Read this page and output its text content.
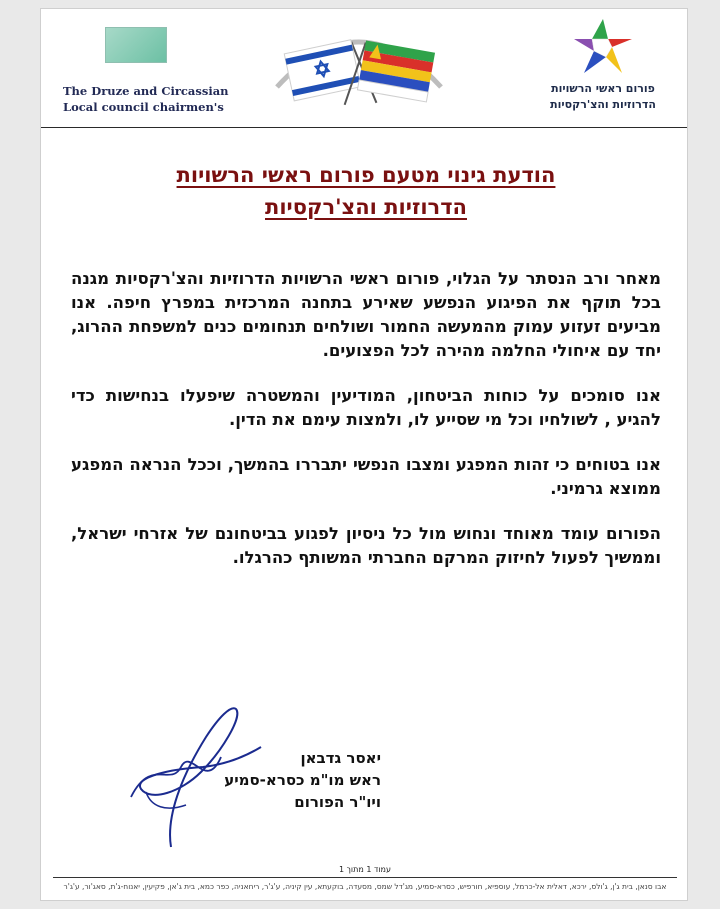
The Druze and Circassian
Local council chairmen's
פורום ראשי הרשויות
הדרוזיות והצ'רקסיות
הודעת גינוי מטעם פורום ראשי הרשויות
הדרוזיות והצ'רקסיות

מאחר ורב הנסתר על הגלוי, פורום ראשי הרשויות הדרוזיות והצ'רקסיות מגנה בכל תוקף את הפיגוע הנפשע שאירע בתחנה המרכזית במפרץ חיפה. אנו מביעים זעזוע עמוק מהמעשה החמור ושולחים תנחומים כנים למשפחת ההרוג, יחד עם איחולי החלמה מהירה לכל הפצועים.

אנו סומכים על כוחות הביטחון, המודיעין והמשטרה שיפעלו בנחישות כדי להגיע , לשולחיו וכל מי שסייע לו, ולמצות עימם את הדין.

אנו בטוחים כי זהות המפגע ומצבו הנפשי יתבררו בהמשך, וככל הנראה המפגע ממוצא גרמיני.

הפורום עומד מאוחד ונחוש מול כל ניסיון לפגוע בביטחונם של אזרחי ישראל, וממשיך לפעול לחיזוק המרקם החברתי המשותף כהרגלו.

יאסר גדבאן
ראש מו"מ כסרא-סמיע
ויו"ר הפורום
עמוד 1 מתוך 1
אבו סנאן, בית ג'ן, ג'ולס, ירכא, דאלית אל-כרמל, עוספיא, חורפיש, כסרא-סמיע, מג'דל שמס, מסעדה, בוקעתא, עין קיניה, ע'ג'ר, ריחאניה, כפר כמא, בית ג'אן, פקיעין, יאנוח-ג'ת, סאג'ור, ע'ג'ר
